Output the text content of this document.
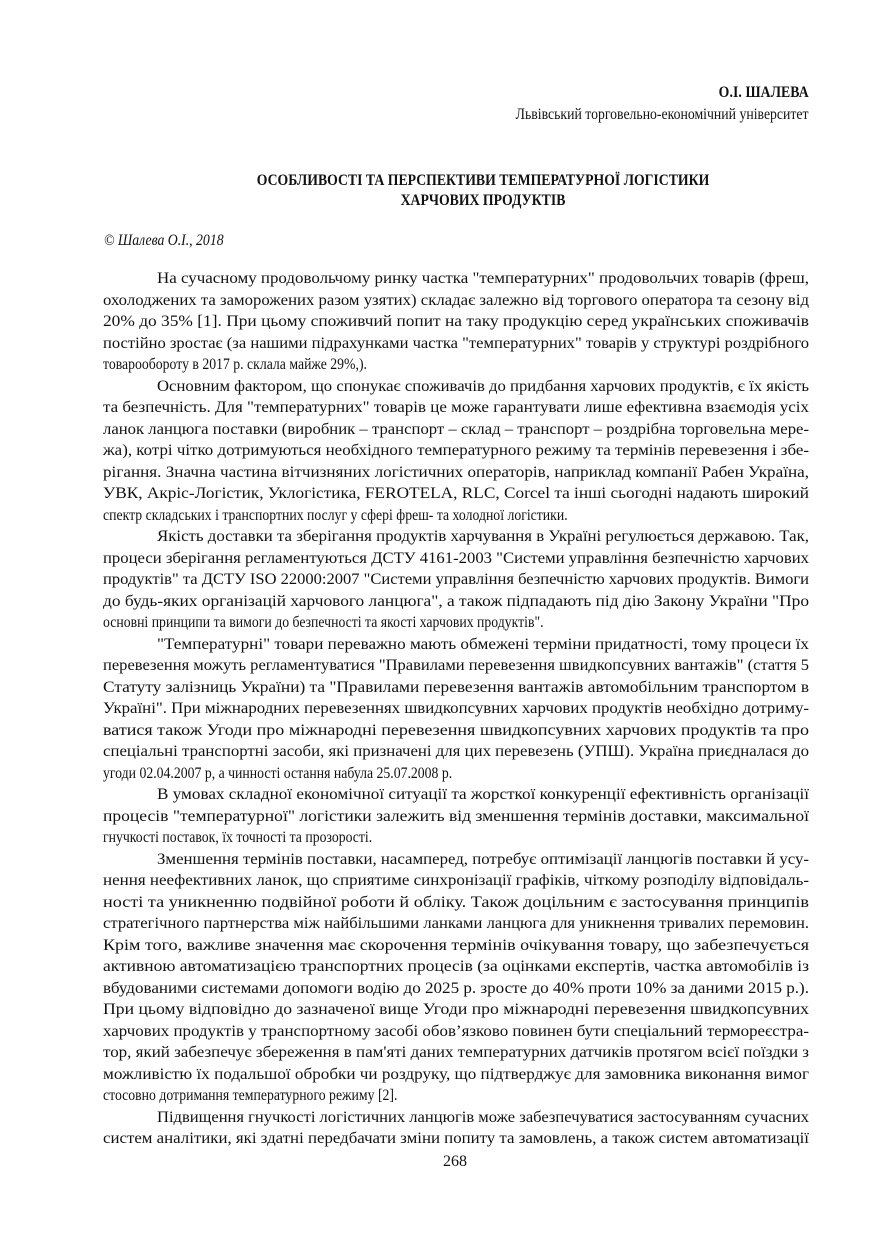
О.І. ШАЛЕВА
Львівський торговельно-економічний університет
ОСОБЛИВОСТІ ТА ПЕРСПЕКТИВИ ТЕМПЕРАТУРНОЇ ЛОГІСТИКИ
ХАРЧОВИХ ПРОДУКТІВ
© Шалева О.І., 2018
На сучасному продовольчому ринку частка "температурних" продовольчих товарів (фреш,
охолоджених та заморожених разом узятих) складає залежно від торгового оператора та сезону від
20% до 35% [1]. При цьому споживчий попит на таку продукцію серед українських споживачів
постійно зростає (за нашими підрахунками частка "температурних" товарів у структурі роздрібного
товарообороту в 2017 р. склала майже 29%,).
Основним фактором, що спонукає споживачів до придбання харчових продуктів, є їх якість
та безпечність. Для "температурних" товарів це може гарантувати лише ефективна взаємодія усіх
ланок ланцюга поставки (виробник – транспорт – склад – транспорт – роздрібна торговельна мере-
жа), котрі чітко дотримуються необхідного температурного режиму та термінів перевезення і збе-
рігання. Значна частина вітчизняних логістичних операторів, наприклад компанії Рабен Україна,
УВК, Акріс-Логістик, Уклогістика, FEROTELA, RLC, Corcel та інші сьогодні надають широкий
спектр складських і транспортних послуг у сфері фреш- та холодної логістики.
Якість доставки та зберігання продуктів харчування в Україні регулюється державою. Так,
процеси зберігання регламентуються ДСТУ 4161-2003 "Системи управління безпечністю харчових
продуктів" та ДСТУ ISO 22000:2007 "Системи управління безпечністю харчових продуктів. Вимоги
до будь-яких організацій харчового ланцюга", а також підпадають під дію Закону України "Про
основні принципи та вимоги до безпечності та якості харчових продуктів".
"Температурні" товари переважно мають обмежені терміни придатності, тому процеси їх
перевезення можуть регламентуватися "Правилами перевезення швидкопсувних вантажів" (стаття 5
Статуту залізниць України) та "Правилами перевезення вантажів автомобільним транспортом в
Україні". При міжнародних перевезеннях швидкопсувних харчових продуктів необхідно дотриму-
ватися також Угоди про міжнародні перевезення швидкопсувних харчових продуктів та про
спеціальні транспортні засоби, які призначені для цих перевезень (УПШ). Україна приєдналася до
угоди 02.04.2007 р, а чинності остання набула 25.07.2008 р.
В умовах складної економічної ситуації та жорсткої конкуренції ефективність організації
процесів "температурної" логістики залежить від зменшення термінів доставки, максимальної
гнучкості поставок, їх точності та прозорості.
Зменшення термінів поставки, насамперед, потребує оптимізації ланцюгів поставки й усу-
нення неефективних ланок, що сприятиме синхронізації графіків, чіткому розподілу відповідаль-
ності та уникненню подвійної роботи й обліку. Також доцільним є застосування принципів
стратегічного партнерства між найбільшими ланками ланцюга для уникнення тривалих перемовин.
Крім того, важливе значення має скорочення термінів очікування товару, що забезпечується
активною автоматизацією транспортних процесів (за оцінками експертів, частка автомобілів із
вбудованими системами допомоги водію до 2025 р. зросте до 40% проти 10% за даними 2015 р.).
При цьому відповідно до зазначеної вище Угоди про міжнародні перевезення швидкопсувних
харчових продуктів у транспортному засобі обов’язково повинен бути спеціальний термореєстра-
тор, який забезпечує збереження в пам'яті даних температурних датчиків протягом всієї поїздки з
можливістю їх подальшої обробки чи роздруку, що підтверджує для замовника виконання вимог
стосовно дотримання температурного режиму [2].
Підвищення гнучкості логістичних ланцюгів може забезпечуватися застосуванням сучасних
систем аналітики, які здатні передбачати зміни попиту та замовлень, а також систем автоматизації
268
